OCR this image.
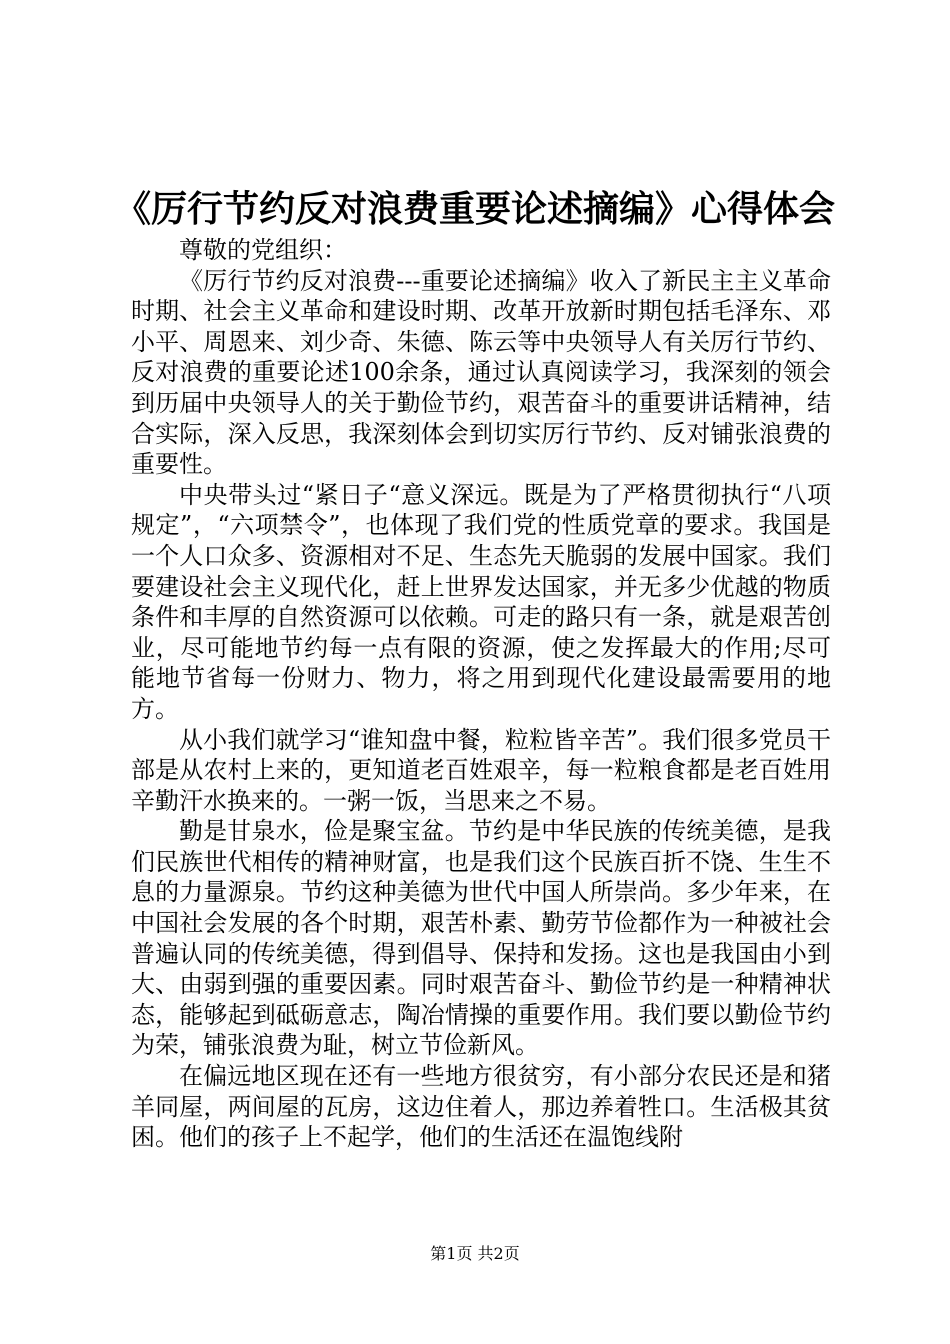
《厉行节约反对浪费重要论述摘编》心得体会

尊敬的党组织：

《厉行节约反对浪费---重要论述摘编》收入了新民主主义革命时期、社会主义革命和建设时期、改革开放新时期包括毛泽东、邓小平、周恩来、刘少奇、朱德、陈云等中央领导人有关厉行节约、反对浪费的重要论述100余条，通过认真阅读学习，我深刻的领会到历届中央领导人的关于勤俭节约，艰苦奋斗的重要讲话精神，结合实际，深入反思，我深刻体会到切实厉行节约、反对铺张浪费的重要性。

中央带头过“紧日子“意义深远。既是为了严格贯彻执行“八项规定”，“六项禁令”，也体现了我们党的性质党章的要求。我国是一个人口众多、资源相对不足、生态先天脆弱的发展中国家。我们要建设社会主义现代化，赶上世界发达国家，并无多少优越的物质条件和丰厚的自然资源可以依赖。可走的路只有一条，就是艰苦创业，尽可能地节约每一点有限的资源，使之发挥最大的作用;尽可能地节省每一份财力、物力，将之用到现代化建设最需要用的地方。

从小我们就学习“谁知盘中餐，粒粒皆辛苦”。我们很多党员干部是从农村上来的，更知道老百姓艰辛，每一粒粮食都是老百姓用辛勤汗水换来的。一粥一饭，当思来之不易。

勤是甘泉水，俭是聚宝盆。节约是中华民族的传统美德，是我们民族世代相传的精神财富，也是我们这个民族百折不饶、生生不息的力量源泉。节约这种美德为世代中国人所崇尚。多少年来，在中国社会发展的各个时期，艰苦朴素、勤劳节俭都作为一种被社会普遍认同的传统美德，得到倡导、保持和发扬。这也是我国由小到大、由弱到强的重要因素。同时艰苦奋斗、勤俭节约是一种精神状态，能够起到砥砺意志，陶冶情操的重要作用。我们要以勤俭节约为荣，铺张浪费为耻，树立节俭新风。

在偏远地区现在还有一些地方很贫穷，有小部分农民还是和猪羊同屋，两间屋的瓦房，这边住着人，那边养着牲口。生活极其贫困。他们的孩子上不起学，他们的生活还在温饱线附

第1页 共2页
